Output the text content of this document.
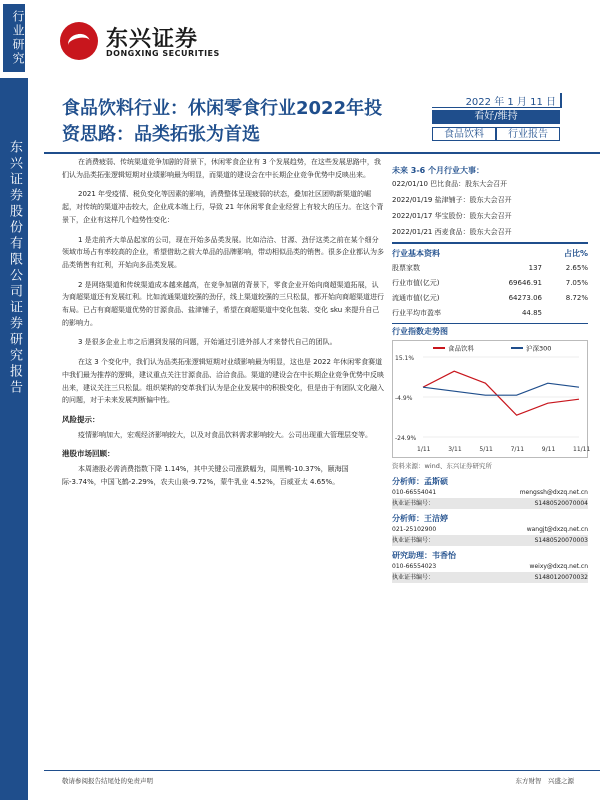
行业研究
东兴证券股份有限公司证券研究报告
东兴证券
DONGXING SECURITIES
食品饮料行业：休闲零食行业2022年投资思路：品类拓张为首选
2022 年 1 月 11 日
看好/维持
食品饮料	行业报告

在消费疲弱、传统渠道竞争加剧的背景下，休闲零食企业有 3 个发展趋势，在这些发展思路中，我们认为品类拓张逻辑短期对业绩影响最为明显，而渠道的建设会在中长期企业竞争优势中反映出来。

2021 年受疫情、税负变化等因素的影响，消费整体呈现疲弱的状态，叠加社区团购新渠道的崛起，对传统的渠道冲击较大，企业成本端上行，导致 21 年休闲零食企业经营上有较大的压力。在这个背景下，企业有这样几个趋势性变化：

1 是走前齐大单品起家的公司，现在开始多品类发展。比如洽洽、甘源、劲仔这类之前在某个细分领域市场占有率较高的企业，希望借助之前大单品的品牌影响，带动相似品类的销售。很多企业都认为多品类销售有红利，开始向多品类发展。

2 是网络渠道和传统渠道成本越来越高，在竞争加剧的背景下，零食企业开始向商超渠道拓展，认为商超渠道还有发展红利。比如流通渠道较强的劲仔，线上渠道较强的三只松鼠，都开始向商超渠道进行布局。已占有商超渠道优势的甘源食品、盐津铺子，希望在商超渠道中变化包装、变化 sku 来提升自己的影响力。

3 是很多企业上市之后遇到发展的问题，开始通过引进外部人才来替代自己的团队。

在这 3 个变化中，我们认为品类拓张逻辑短期对业绩影响最为明显，这也是 2022 年休闲零食赛道中我们最为推荐的逻辑，建议重点关注甘源食品、洽洽食品。渠道的建设会在中长期企业竞争优势中反映出来，建议关注三只松鼠。组织架构的变革我们认为是企业发展中的积极变化，但是由于有团队文化融入的问题，对于未来发展判断偏中性。

风险提示：

疫情影响加大，宏观经济影响较大，以及对食品饮料需求影响较大。公司出现重大管理层变等。

港股市场回顾：

本周港股必需消费指数下降 1.14%，其中关键公司涨跌幅为，周黑鸭-10.37%，颐海国际-3.74%，中国飞鹤-2.29%，农夫山泉-9.72%，蒙牛乳业 4.52%，百威亚太 4.65%。

未来 3-6 个月行业大事：
022/01/10 巴比食品：股东大会召开
2022/01/19 盐津铺子：股东大会召开
2022/01/17 华宝股份：股东大会召开
2022/01/21 西麦食品：股东大会召开
行业基本资料	占比%
股票家数	137	2.65%
行业市值(亿元)	69646.91	7.05%
流通市值(亿元)	64273.06	8.72%
行业平均市盈率	44.85
行业指数走势图
15.1%
-4.9%
-24.9%
1/11	3/11	5/11	7/11	9/11	11/11
食品饮料	沪深300
资料来源：wind、东兴证券研究所
分析师：孟斯硕
010-66554041	mengssh@dxzq.net.cn
执业证书编号：	S1480520070004
分析师：王洁婷
021-25102900	wangjt@dxzq.net.cn
执业证书编号：	S1480520070003
研究助理：韦香怡
010-66554023	weixy@dxzq.net.cn
执业证书编号：	S1480120070032
敬请参阅报告结尾处的免责声明	东方财智　兴盛之源
